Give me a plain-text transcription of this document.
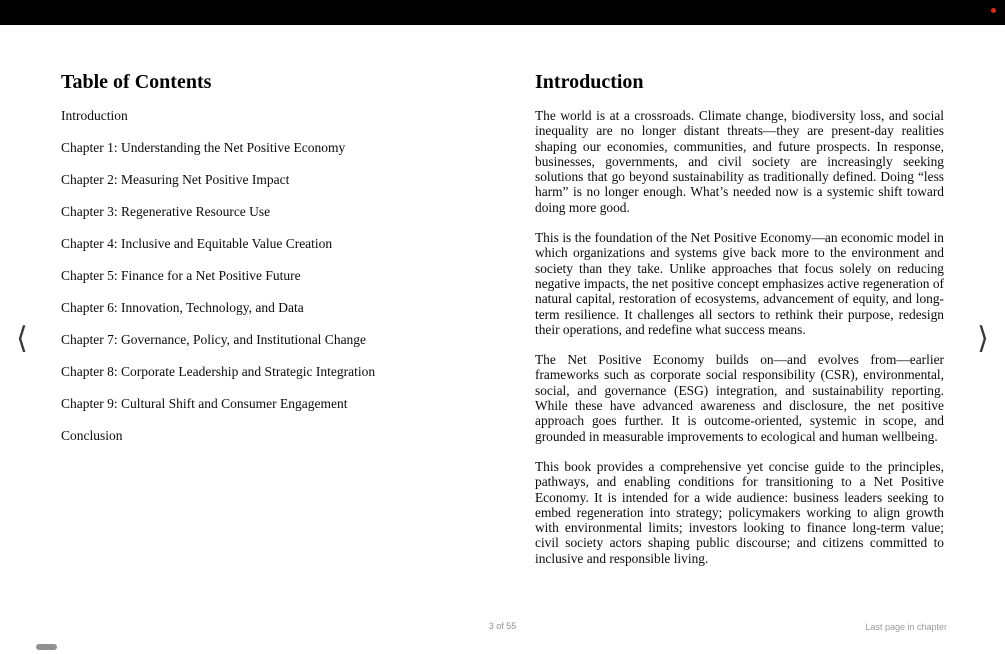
⟨
Table of Contents
Introduction
Chapter 1: Understanding the Net Positive Economy
Chapter 2: Measuring Net Positive Impact
Chapter 3: Regenerative Resource Use
Chapter 4: Inclusive and Equitable Value Creation
Chapter 5: Finance for a Net Positive Future
Chapter 6: Innovation, Technology, and Data
Chapter 7: Governance, Policy, and Institutional Change
Chapter 8: Corporate Leadership and Strategic Integration
Chapter 9: Cultural Shift and Consumer Engagement
Conclusion
Introduction

The world is at a crossroads. Climate change, biodiversity loss, and social inequality are no longer distant threats—they are present-day realities shaping our economies, communities, and future prospects. In response, businesses, governments, and civil society are increasingly seeking solutions that go beyond sustainability as traditionally defined. Doing “less harm” is no longer enough. What’s needed now is a systemic shift toward doing more good.

This is the foundation of the Net Positive Economy—an economic model in which organizations and systems give back more to the environment and society than they take. Unlike approaches that focus solely on reducing negative impacts, the net positive concept emphasizes active regeneration of natural capital, restoration of ecosystems, advancement of equity, and long-term resilience. It challenges all sectors to rethink their purpose, redesign their operations, and redefine what success means.

The Net Positive Economy builds on—and evolves from—earlier frameworks such as corporate social responsibility (CSR), environmental, social, and governance (ESG) integration, and sustainability reporting. While these have advanced awareness and disclosure, the net positive approach goes further. It is outcome-oriented, systemic in scope, and grounded in measurable improvements to ecological and human wellbeing.

This book provides a comprehensive yet concise guide to the principles, pathways, and enabling conditions for transitioning to a Net Positive Economy. It is intended for a wide audience: business leaders seeking to embed regeneration into strategy; policymakers working to align growth with environmental limits; investors looking to finance long-term value; civil society actors shaping public discourse; and citizens committed to inclusive and responsible living.

⟩
3 of 55	Last page in chapter
